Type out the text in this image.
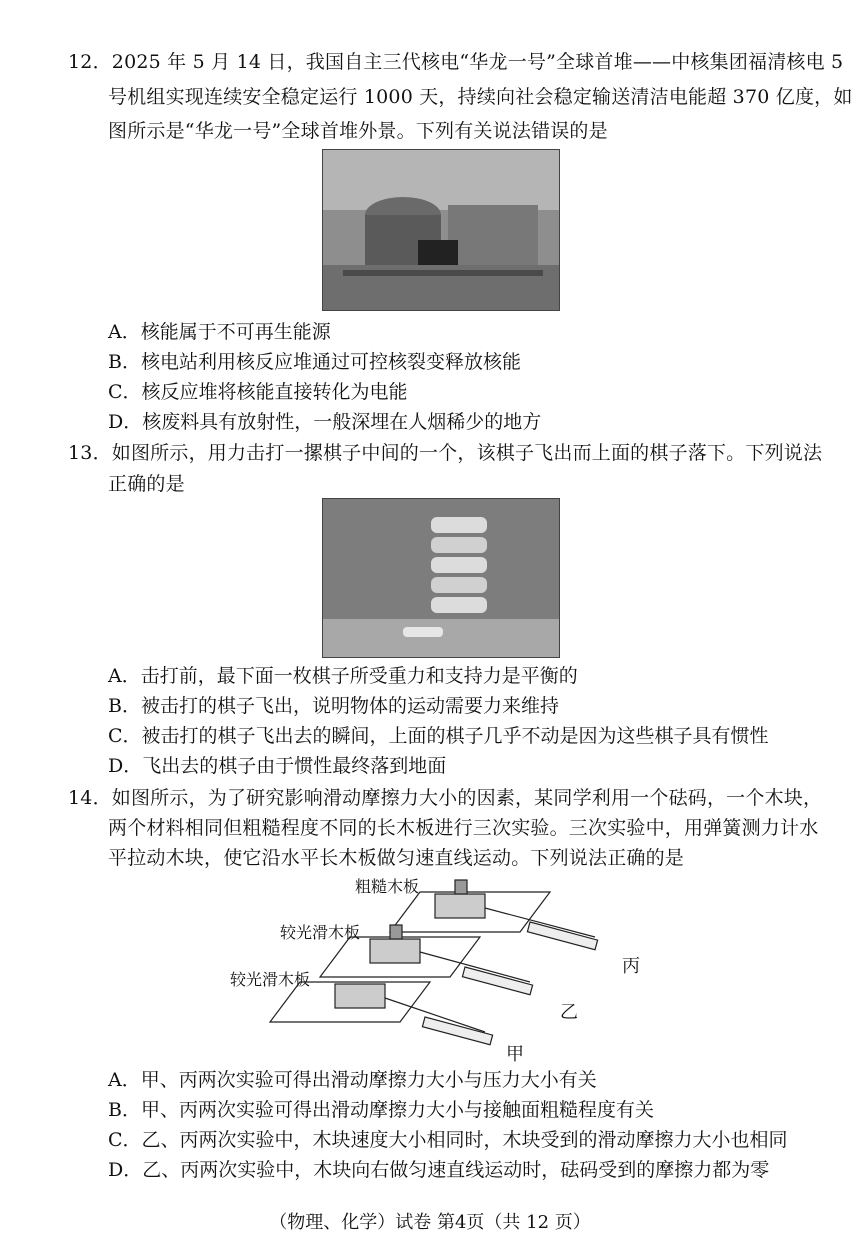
12．2025 年 5 月 14 日，我国自主三代核电“华龙一号”全球首堆——中核集团福清核电 5
号机组实现连续安全稳定运行 1000 天，持续向社会稳定输送清洁电能超 370 亿度，如
图所示是“华龙一号”全球首堆外景。下列有关说法错误的是
A．核能属于不可再生能源
B．核电站利用核反应堆通过可控核裂变释放核能
C．核反应堆将核能直接转化为电能
D．核废料具有放射性，一般深埋在人烟稀少的地方
13．如图所示，用力击打一摞棋子中间的一个，该棋子飞出而上面的棋子落下。下列说法
正确的是
A．击打前，最下面一枚棋子所受重力和支持力是平衡的
B．被击打的棋子飞出，说明物体的运动需要力来维持
C．被击打的棋子飞出去的瞬间，上面的棋子几乎不动是因为这些棋子具有惯性
D．飞出去的棋子由于惯性最终落到地面
14．如图所示，为了研究影响滑动摩擦力大小的因素，某同学利用一个砝码，一个木块，
两个材料相同但粗糙程度不同的长木板进行三次实验。三次实验中，用弹簧测力计水
平拉动木块，使它沿水平长木板做匀速直线运动。下列说法正确的是
粗糙木板
较光滑木板
较光滑木板
丙
乙
甲
A．甲、丙两次实验可得出滑动摩擦力大小与压力大小有关
B．甲、丙两次实验可得出滑动摩擦力大小与接触面粗糙程度有关
C．乙、丙两次实验中，木块速度大小相同时，木块受到的滑动摩擦力大小也相同
D．乙、丙两次实验中，木块向右做匀速直线运动时，砝码受到的摩擦力都为零
（物理、化学）试卷 第4页（共 12 页）
